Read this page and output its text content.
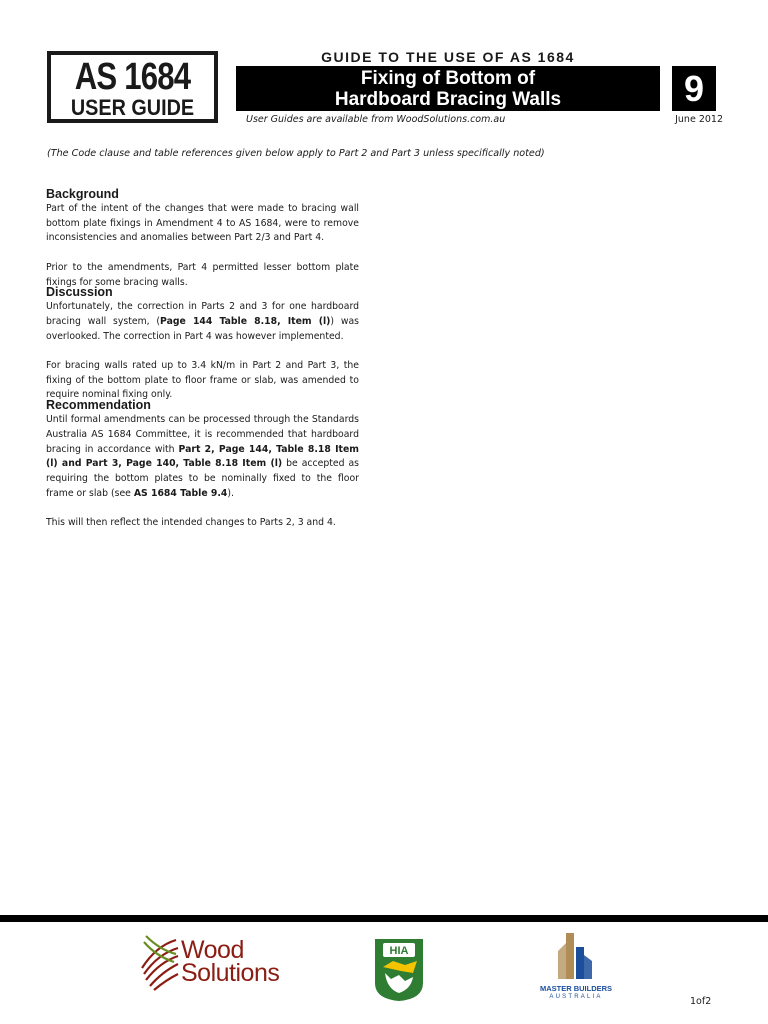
AS 1684
USER GUIDE
GUIDE TO THE USE OF AS 1684
Fixing of Bottom of
Hardboard Bracing Walls	9
User Guides are available from WoodSolutions.com.au	June 2012
(The Code clause and table references given below apply to Part 2 and Part 3 unless specifically noted)

Background

Part of the intent of the changes that were made to bracing wall bottom plate fixings in Amendment 4 to AS 1684, were to remove inconsistencies and anomalies between Part 2/3 and Part 4.

Prior to the amendments, Part 4 permitted lesser bottom plate fixings for some bracing walls.

Discussion

Unfortunately, the correction in Parts 2 and 3 for one hardboard bracing wall system, (Page 144 Table 8.18, Item (l)) was overlooked. The correction in Part 4 was however implemented.

For bracing walls rated up to 3.4 kN/m in Part 2 and Part 3, the fixing of the bottom plate to floor frame or slab, was amended to require nominal fixing only.

Recommendation

Until formal amendments can be processed through the Standards Australia AS 1684 Committee, it is recommended that hardboard bracing in accordance with Part 2, Page 144, Table 8.18 Item (l) and Part 3, Page 140, Table 8.18 Item (l) be accepted as requiring the bottom plates to be nominally fixed to the floor frame or slab (see AS 1684 Table 9.4).

This will then reflect the intended changes to Parts 2, 3 and 4.

Wood
Solutions
HIA
MASTER BUILDERS
AUSTRALIA	1of2
